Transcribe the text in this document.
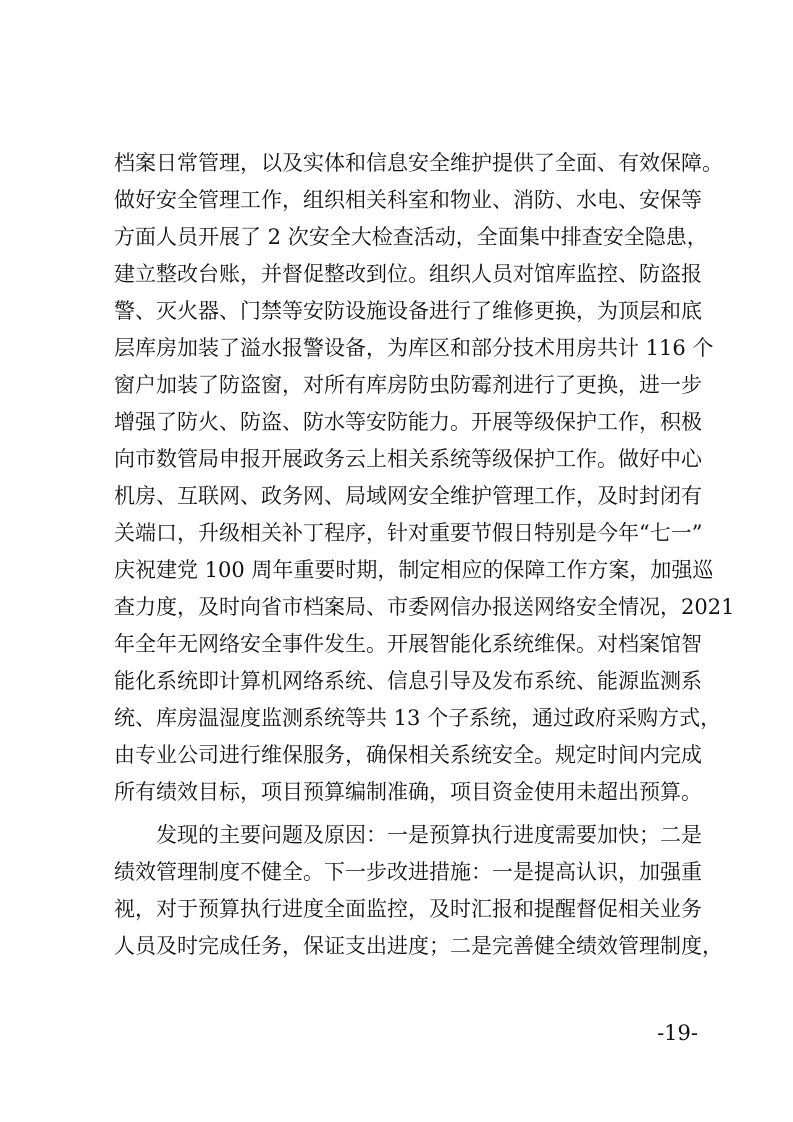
档案日常管理，以及实体和信息安全维护提供了全面、有效保障。
做好安全管理工作，组织相关科室和物业、消防、水电、安保等
方面人员开展了 2 次安全大检查活动，全面集中排查安全隐患，
建立整改台账，并督促整改到位。组织人员对馆库监控、防盗报
警、灭火器、门禁等安防设施设备进行了维修更换，为顶层和底
层库房加装了溢水报警设备，为库区和部分技术用房共计 116 个
窗户加装了防盗窗，对所有库房防虫防霉剂进行了更换，进一步
增强了防火、防盗、防水等安防能力。开展等级保护工作，积极
向市数管局申报开展政务云上相关系统等级保护工作。做好中心
机房、互联网、政务网、局域网安全维护管理工作，及时封闭有
关端口，升级相关补丁程序，针对重要节假日特别是今年“七一”
庆祝建党 100 周年重要时期，制定相应的保障工作方案，加强巡
查力度，及时向省市档案局、市委网信办报送网络安全情况，2021
年全年无网络安全事件发生。开展智能化系统维保。对档案馆智
能化系统即计算机网络系统、信息引导及发布系统、能源监测系
统、库房温湿度监测系统等共 13 个子系统，通过政府采购方式，
由专业公司进行维保服务，确保相关系统安全。规定时间内完成
所有绩效目标，项目预算编制准确，项目资金使用未超出预算。
发现的主要问题及原因：一是预算执行进度需要加快；二是
绩效管理制度不健全。下一步改进措施：一是提高认识，加强重
视，对于预算执行进度全面监控，及时汇报和提醒督促相关业务
人员及时完成任务，保证支出进度；二是完善健全绩效管理制度，
-19-
